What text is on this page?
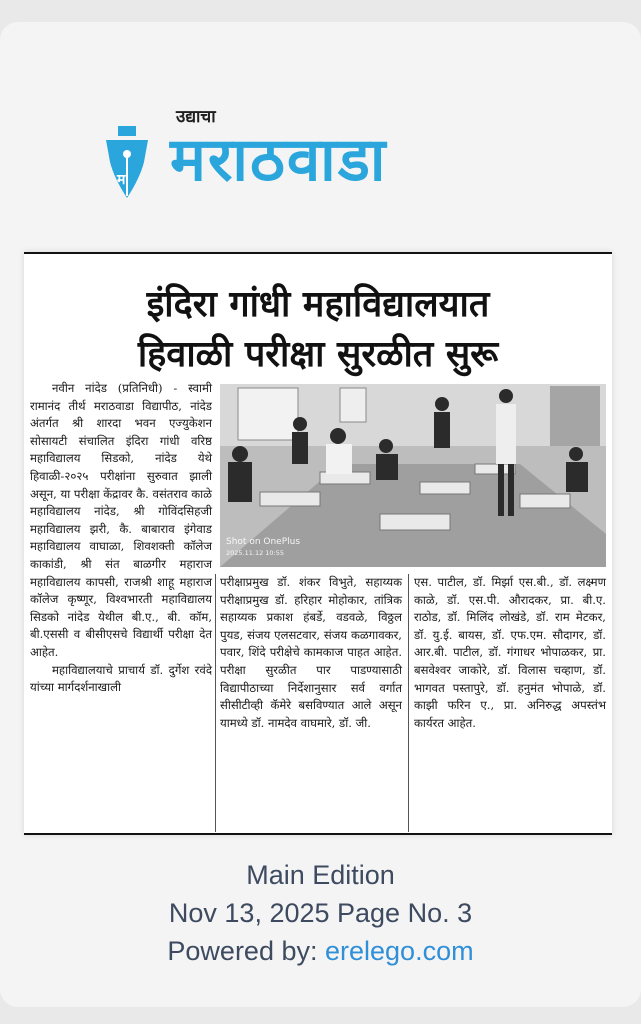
म
उद्याचा
मराठवाडा
इंदिरा गांधी महाविद्यालयात
हिवाळी परीक्षा सुरळीत सुरू

नवीन नांदेड (प्रतिनिधी) - स्वामी रामानंद तीर्थ मराठवाडा विद्यापीठ, नांदेड अंतर्गत श्री शारदा भवन एज्युकेशन सोसायटी संचालित इंदिरा गांधी वरिष्ठ महाविद्यालय सिडको, नांदेड येथे हिवाळी-२०२५ परीक्षांना सुरुवात झाली असून, या परीक्षा केंद्रावर कै. वसंतराव काळे महाविद्यालय नांदेड, श्री गोविंदसिहजी महाविद्यालय झरी, कै. बाबाराव इंगेवाड महाविद्यालय वाघाळा, शिवशक्ती कॉलेज काकांडी, श्री संत बाळगीर महाराज महाविद्यालय कापसी, राजश्री शाहू महाराज कॉलेज कृष्णूर, विश्वभारती महाविद्यालय सिडको नांदेड येथील बी.ए., बी. कॉम, बी.एससी व बीसीएसचे विद्यार्थी परीक्षा देत आहेत.

महाविद्यालयाचे प्राचार्य डॉ. दुर्गेश रवंदे यांच्या मार्गदर्शनाखाली

Shot on OnePlus
2025.11.12 10:55

परीक्षाप्रमुख डॉ. शंकर विभुते, सहाय्यक परीक्षाप्रमुख डॉ. हरिहार मोहोकार, तांत्रिक सहाय्यक प्रकाश हंबर्डे, वडवळे, विठ्ठल पुयड, संजय एलसटवार, संजय कळगावकर, पवार, शिंदे परीक्षेचे कामकाज पाहत आहेत. परीक्षा सुरळीत पार पाडण्यासाठी विद्यापीठाच्या निर्देशानुसार सर्व वर्गात सीसीटीव्ही कॅमेरे बसविण्यात आले असून यामध्ये डॉ. नामदेव वाघमारे, डॉ. जी.

एस. पाटील, डॉ. मिर्झा एस.बी., डॉ. लक्ष्मण काळे, डॉ. एस.पी. औरादकर, प्रा. बी.ए. राठोड, डॉ. मिलिंद लोखंडे, डॉ. राम मेटकर, डॉ. यु.ई. बायस, डॉ. एफ.एम. सौदागर, डॉ. आर.बी. पाटील, डॉ. गंगाधर भोपाळकर, प्रा. बसवेश्वर जाकोरे, डॉ. विलास चव्हाण, डॉ. भागवत पस्तापुरे, डॉ. हनुमंत भोपाळे, डॉ. काझी फरिन ए., प्रा. अनिरुद्ध अपस्तंभ कार्यरत आहेत.

Main Edition
Nov 13, 2025 Page No. 3
Powered by: erelego.com
